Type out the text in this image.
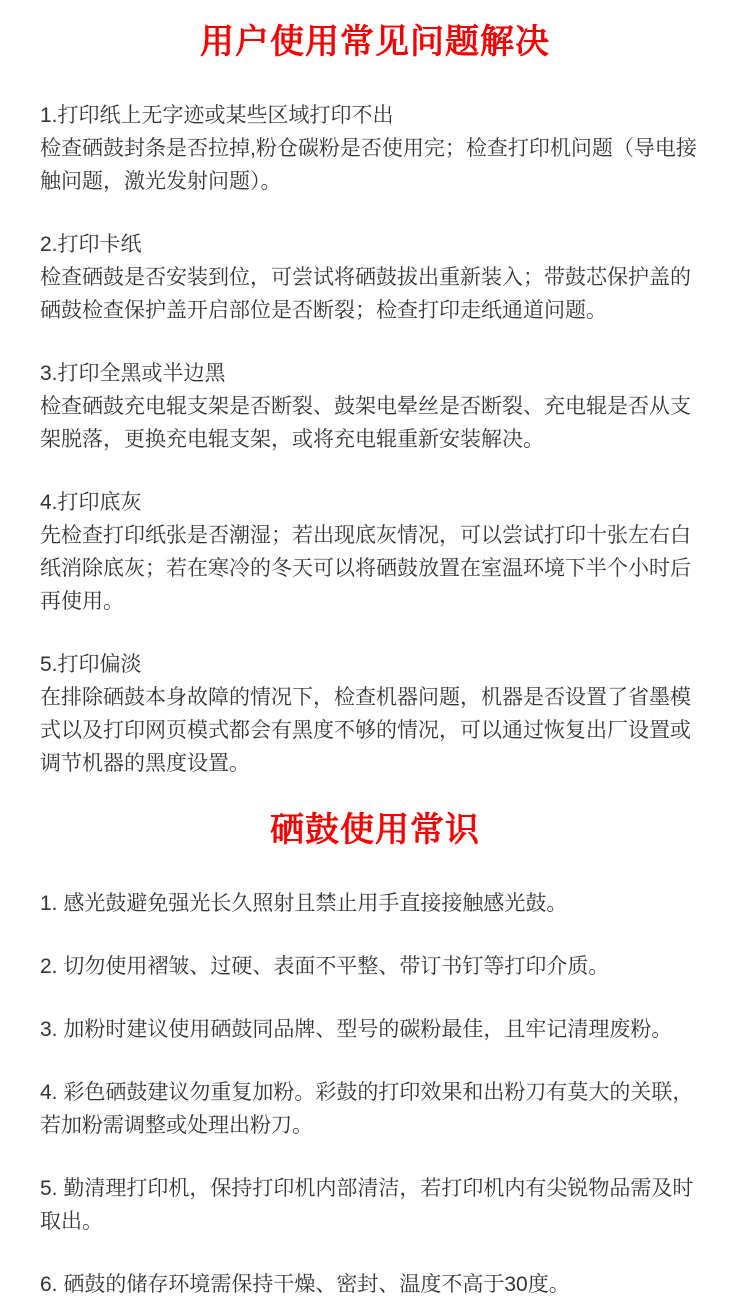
用户使用常见问题解决

1.打印纸上无字迹或某些区域打印不出

检查硒鼓封条是否拉掉,粉仓碳粉是否使用完；检查打印机问题（导电接触问题，激光发射问题）。

2.打印卡纸

检查硒鼓是否安装到位，可尝试将硒鼓拔出重新装入；带鼓芯保护盖的硒鼓检查保护盖开启部位是否断裂；检查打印走纸通道问题。

3.打印全黑或半边黑

检查硒鼓充电辊支架是否断裂、鼓架电晕丝是否断裂、充电辊是否从支架脱落，更换充电辊支架，或将充电辊重新安装解决。

4.打印底灰

先检查打印纸张是否潮湿；若出现底灰情况，可以尝试打印十张左右白纸消除底灰；若在寒冷的冬天可以将硒鼓放置在室温环境下半个小时后再使用。

5.打印偏淡

在排除硒鼓本身故障的情况下，检查机器问题，机器是否设置了省墨模式以及打印网页模式都会有黑度不够的情况，可以通过恢复出厂设置或调节机器的黑度设置。

硒鼓使用常识

1. 感光鼓避免强光长久照射且禁止用手直接接触感光鼓。

2. 切勿使用褶皱、过硬、表面不平整、带订书钉等打印介质。

3. 加粉时建议使用硒鼓同品牌、型号的碳粉最佳，且牢记清理废粉。

4. 彩色硒鼓建议勿重复加粉。彩鼓的打印效果和出粉刀有莫大的关联，若加粉需调整或处理出粉刀。

5. 勤清理打印机，保持打印机内部清洁，若打印机内有尖锐物品需及时取出。

6. 硒鼓的储存环境需保持干燥、密封、温度不高于30度。
